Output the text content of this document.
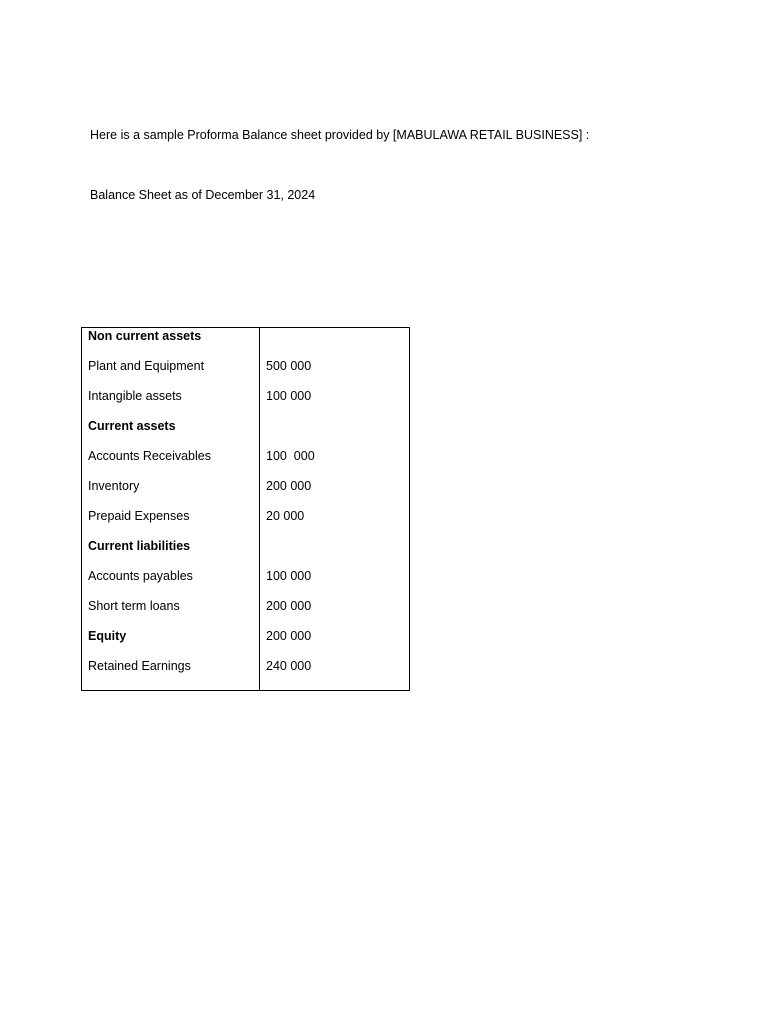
Here is a sample Proforma Balance sheet provided by [MABULAWA RETAIL BUSINESS] :
Balance Sheet as of December 31, 2024
Non current assets
Plant and Equipment	500 000
Intangible assets	100 000
Current assets
Accounts Receivables	100  000
Inventory	200 000
Prepaid Expenses	20 000
Current liabilities
Accounts payables	100 000
Short term loans	200 000
Equity	200 000
Retained Earnings	240 000
